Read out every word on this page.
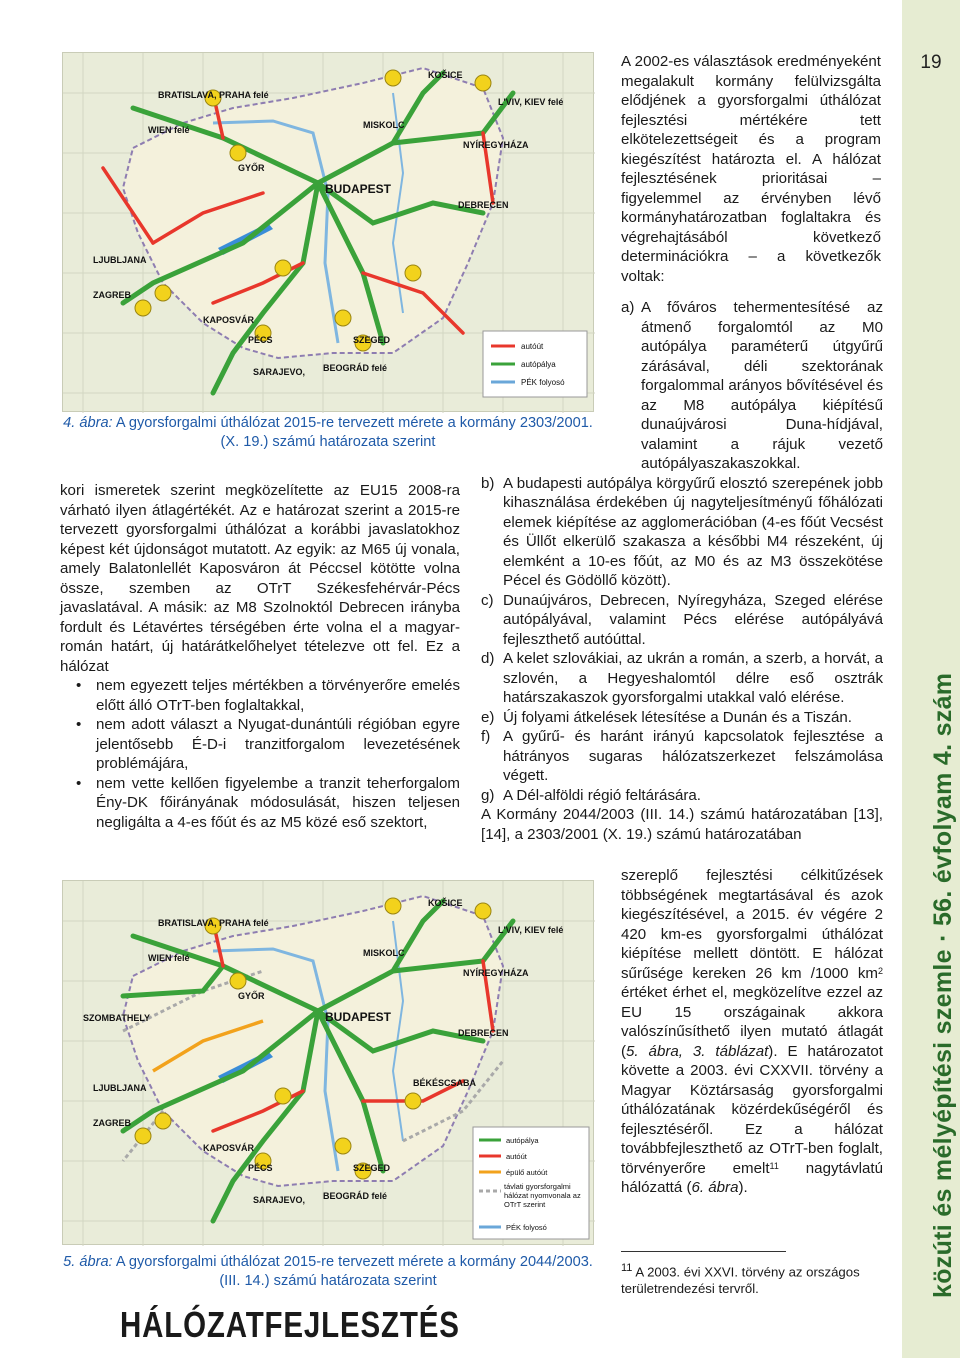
19
közúti és mélyépítési szemle · 56. évfolyam 4. szám
BRATISLAVA, PRAHA felé
WIEN felé
KOŠICE
L'VIV, KIEV felé
BUDAPEST
NYÍREGYHÁZA
DEBRECEN
MISKOLC
GYŐR
LJUBLJANA
ZAGREB
KAPOSVÁR
PÉCS	SZEGED
SARAJEVO, BEOGRÁD felé
autóút
autópálya
PÉK folyosó
4. ábra: A gyorsforgalmi úthálózat 2015-re tervezett mérete a kormány 2303/2001. (X. 19.) számú határozata szerint

kori ismeretek szerint megközelítette az EU15 2008-ra várható ilyen átlagértékét. Az e határozat szerint a 2015-re tervezett gyorsforgalmi úthálózat a korábbi javaslatokhoz képest két újdonságot mutatott. Az egyik: az M65 új vonala, amely Balatonlellét Kaposváron át Péccsel kötötte volna össze, szemben az OTrT Székesfehérvár-Pécs javaslatával. A másik: az M8 Szolnoktól Debrecen irányba fordult és Létavértes térségében érte volna el a magyar-román határt, új határátkelőhelyet tételezve ott fel. Ez a hálózat

• nem egyezett teljes mértékben a törvényerőre emelés előtt álló OTrT-ben foglaltakkal,
• nem adott választ a Nyugat-dunántúli régióban egyre jelentősebb É-D-i tranzitforgalom levezetésének problémájára,
• nem vette kellően figyelembe a tranzit teherforgalom Ény-DK főirányának módosulását, hiszen teljesen negligálta a 4-es főút és az M5 közé eső szektort,
BRATISLAVA, PRAHA felé
WIEN felé
KOŠICE
L'VIV, KIEV felé
BUDAPEST
NYÍREGYHÁZA
DEBRECEN
MISKOLC
GYŐR
SZOMBATHELY
LJUBLJANA
ZAGREB
KAPOSVÁR
PÉCS	SZEGED
SARAJEVO, BEOGRÁD felé
BÉKÉSCSABA
autópálya
autóút
épülő autóút
távlati gyorsforgalmi hálózat nyomvonala az OTrT szerint
PÉK folyosó
5. ábra: A gyorsforgalmi úthálózat 2015-re tervezett mérete a kormány 2044/2003. (III. 14.) számú határozata szerint

A 2002-es választások eredményeként megalakult kormány felülvizsgálta elődjének a gyorsforgalmi úthálózat fejlesztési mértékére tett elkötelezettségeit és a program kiegészítést határozta el. A hálózat fejlesztésének prioritásai – figyelemmel az érvényben lévő kormányhatározatban foglaltakra és végrehajtásából következő determinációkra – a következők voltak:

a) A főváros tehermentesítésé az átmenő forgalomtól az M0 autópálya paraméterű útgyűrű zárásával, déli szektorának forgalommal arányos bővítésével és az M8 autópálya kiépítésű dunaújvárosi Duna-hídjával, valamint a rájuk vezető autópályaszakaszokkal.
b) A budapesti autópálya körgyűrű elosztó szerepének jobb kihasználása érdekében új nagyteljesítményű főhálózati elemek kiépítése az agglomerációban (4-es főút Vecsést és Üllőt elkerülő szakasza a későbbi M4 részeként, új elemként a 10-es főút, az M0 és az M3 összekötése Pécel és Gödöllő között).
c) Dunaújváros, Debrecen, Nyíregyháza, Szeged elérése autópályával, valamint Pécs elérése autópályává fejleszthető autóúttal.
d) A kelet szlovákiai, az ukrán a román, a szerb, a horvát, a szlovén, a Hegyeshalomtól délre eső osztrák határszakaszok gyorsforgalmi utakkal való elérése.
e) Új folyami átkelések létesítése a Dunán és a Tiszán.
f) A gyűrű- és haránt irányú kapcsolatok fejlesztése a hátrányos sugaras hálózatszerkezet felszámolása végett.
g) A Dél-alföldi régió feltárására.

A Kormány 2044/2003 (III. 14.) számú határozatában [13], [14], a 2303/2001 (X. 19.) számú határozatában

szereplő fejlesztési célkitűzések többségének megtartásával és azok kiegészítésével, a 2015. év végére 2 420 km-es gyorsforgalmi úthálózat kiépítése mellett döntött. E hálózat sűrűsége kereken 26 km /1000 $km^2$ értéket érhet el, megközelítve ezzel az EU 15 országainak akkora valószínűsíthető ilyen mutató átlagát (5. ábra, 3. táblázat). E határozatot követte a 2003. évi CXXVII. törvény a Magyar Köztársaság gyorsforgalmi úthálózatának közérdekűségéről és fejlesztéséről. Ez a hálózat továbbfejleszthető az OTrT-ben foglalt, törvényerőre emelt$^{11}$ nagytávlatú hálózattá (6. ábra).

$^{11}$ A 2003. évi XXVI. törvény az országos területrendezési tervről.
HÁLÓZATFEJLESZTÉS
